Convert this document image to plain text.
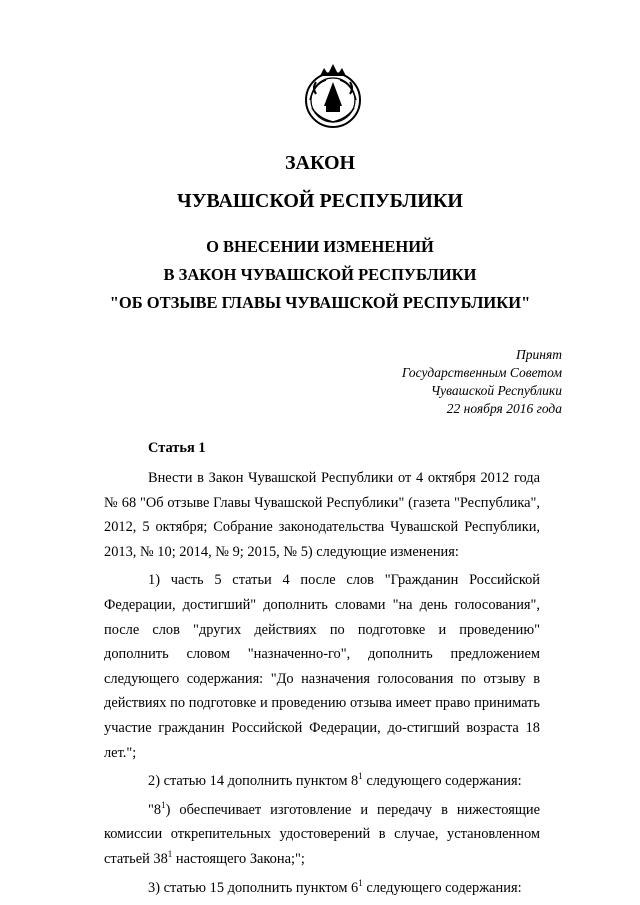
ЗАКОН
ЧУВАШСКОЙ РЕСПУБЛИКИ
О ВНЕСЕНИИ ИЗМЕНЕНИЙ
В ЗАКОН ЧУВАШСКОЙ РЕСПУБЛИКИ
"ОБ ОТЗЫВЕ ГЛАВЫ ЧУВАШСКОЙ РЕСПУБЛИКИ"
Принят
Государственным Советом
Чувашской Республики
22 ноября 2016 года
Статья 1

Внести в Закон Чувашской Республики от 4 октября 2012 года № 68 "Об отзыве Главы Чувашской Республики" (газета "Республика", 2012, 5 октября; Собрание законодательства Чувашской Республики, 2013, № 10; 2014, № 9; 2015, № 5) следующие изменения:

1) часть 5 статьи 4 после слов "Гражданин Российской Федерации, достигший" дополнить словами "на день голосования", после слов "других действиях по подготовке и проведению" дополнить словом "назначенно-го", дополнить предложением следующего содержания: "До назначения голосования по отзыву в действиях по подготовке и проведению отзыва имеет право принимать участие гражданин Российской Федерации, до-стигший возраста 18 лет.";

2) статью 14 дополнить пунктом $8^1$ следующего содержания:

"$8^1$) обеспечивает изготовление и передачу в нижестоящие комиссии открепительных удостоверений в случае, установленном статьей $38^1$ настоящего Закона;";

3) статью 15 дополнить пунктом $6^1$ следующего содержания:
